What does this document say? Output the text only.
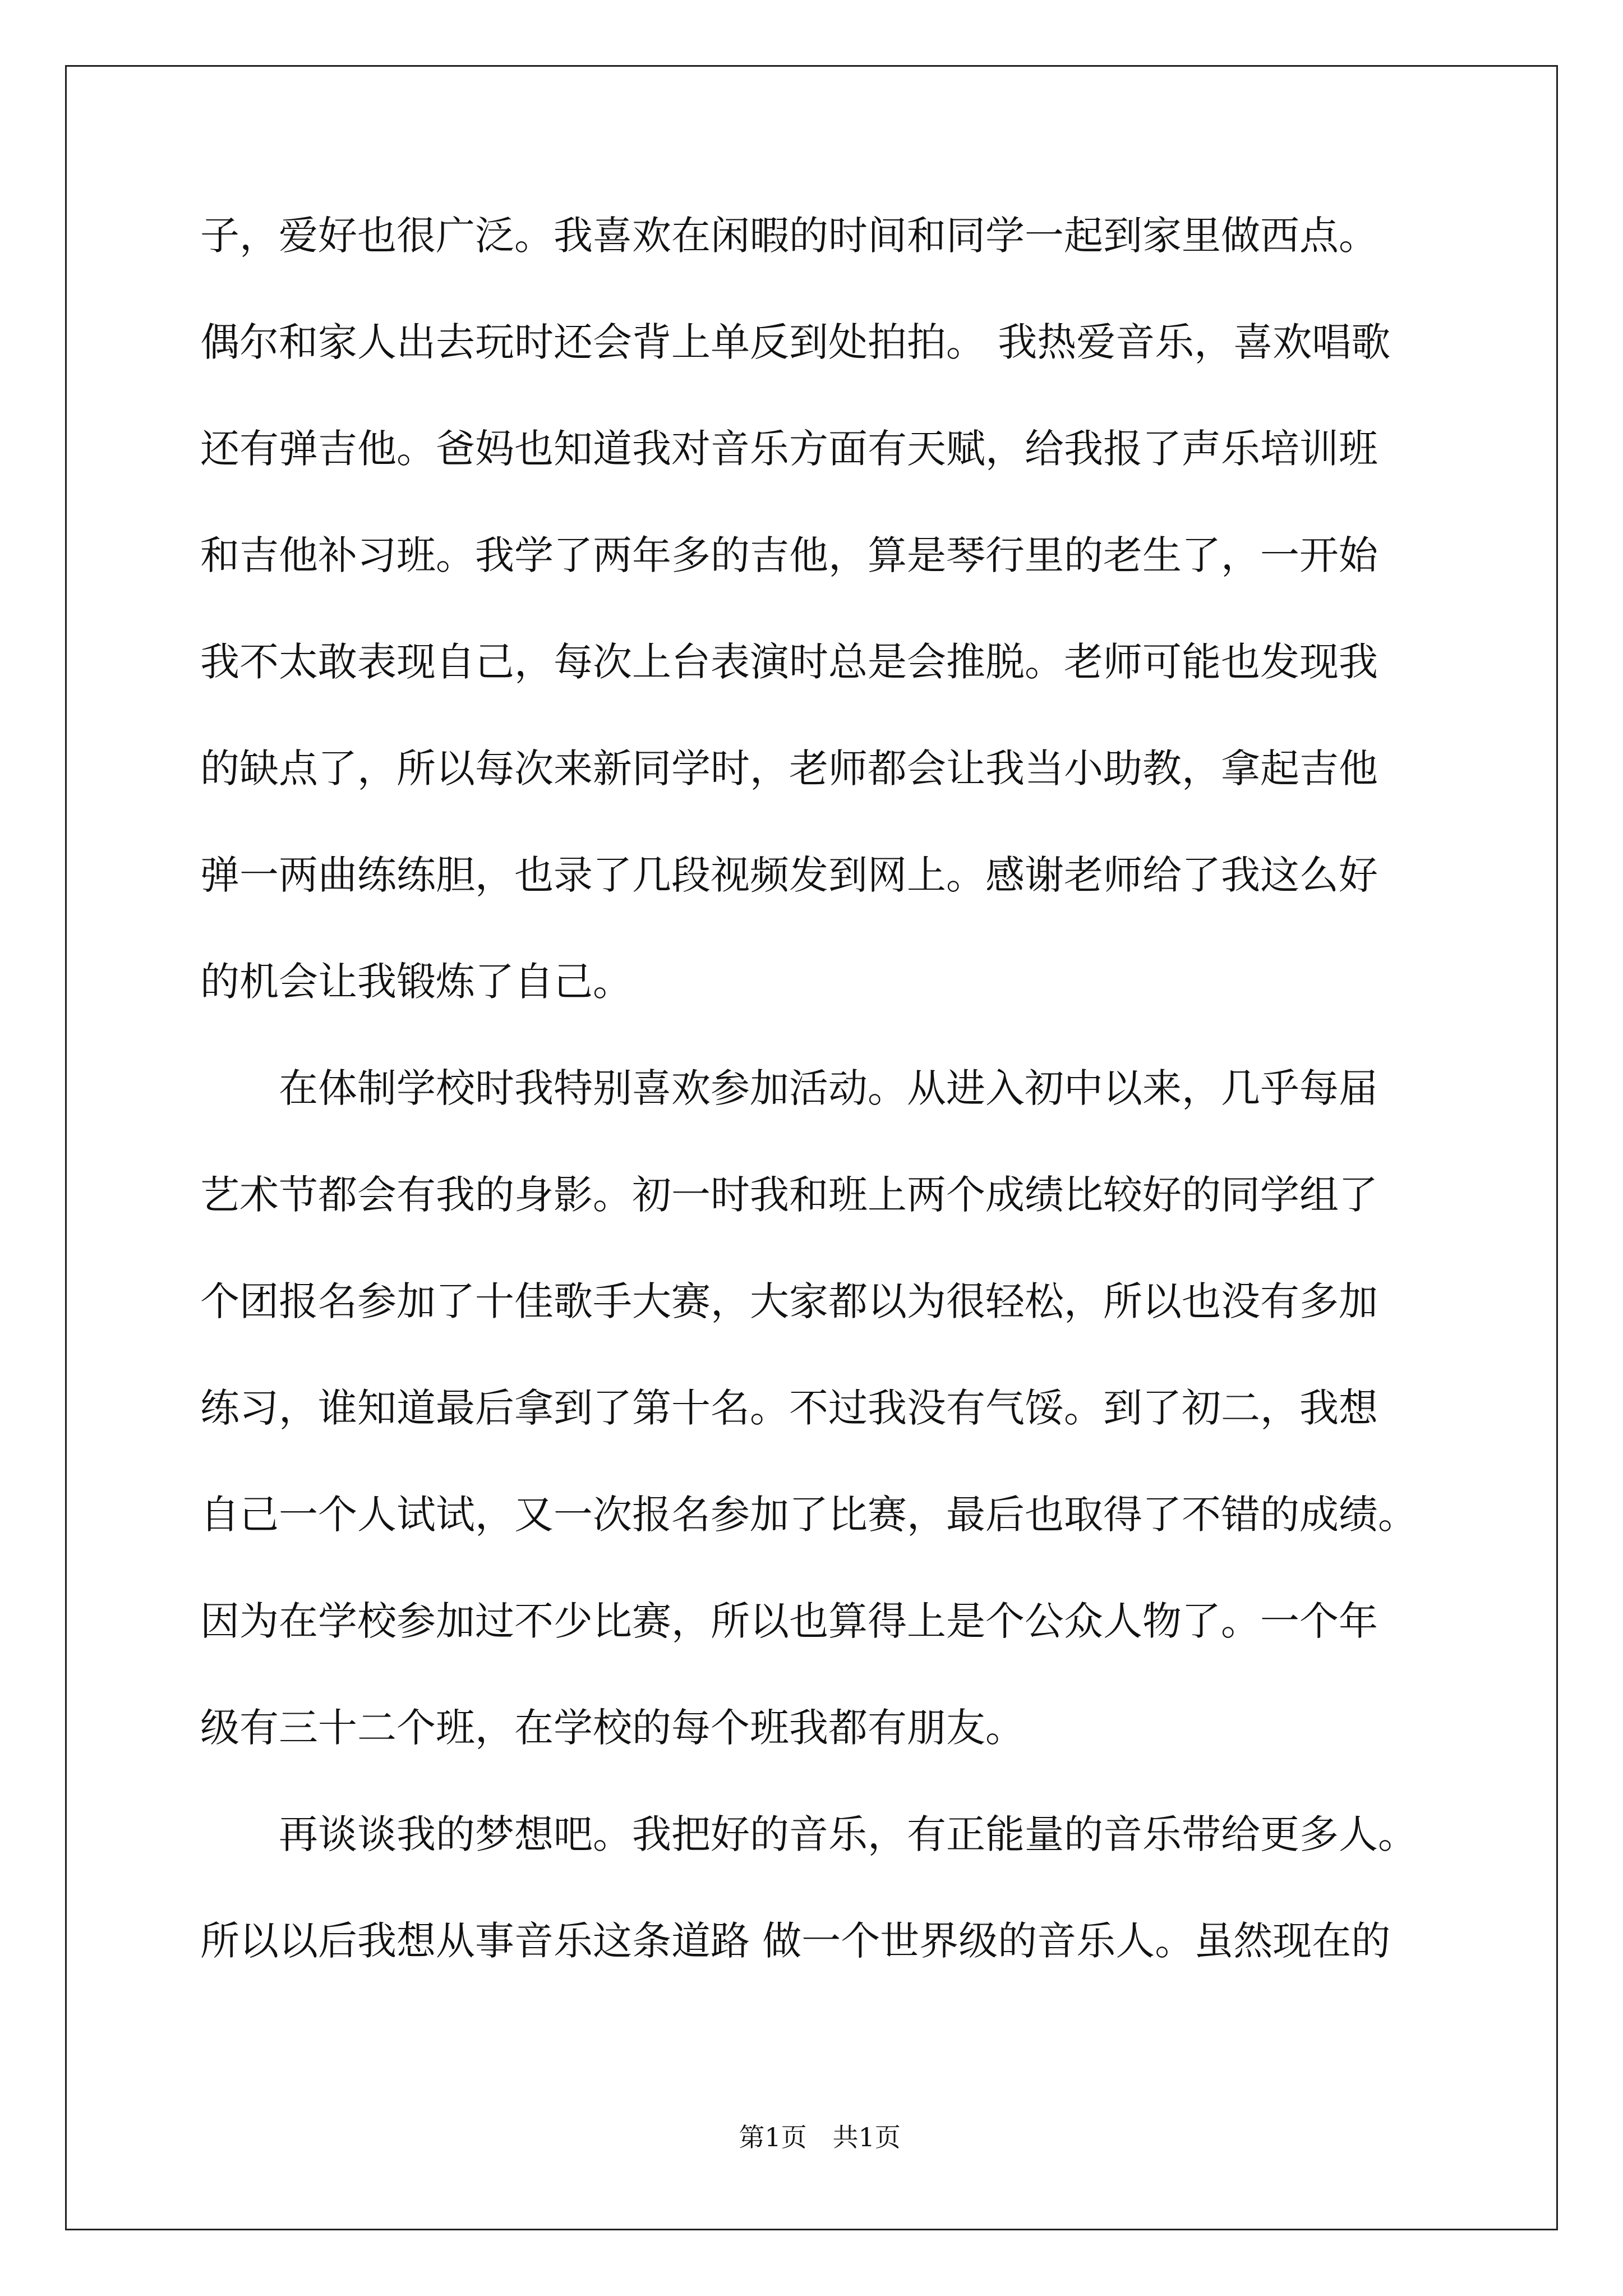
子，爱好也很广泛。我喜欢在闲暇的时间和同学一起到家里做西点。
偶尔和家人出去玩时还会背上单反到处拍拍。 我热爱音乐，喜欢唱歌
还有弹吉他。爸妈也知道我对音乐方面有天赋，给我报了声乐培训班
和吉他补习班。我学了两年多的吉他，算是琴行里的老生了，一开始
我不太敢表现自己，每次上台表演时总是会推脱。老师可能也发现我
的缺点了，所以每次来新同学时，老师都会让我当小助教，拿起吉他
弹一两曲练练胆，也录了几段视频发到网上。感谢老师给了我这么好
的机会让我锻炼了自己。
在体制学校时我特别喜欢参加活动。从进入初中以来，几乎每届
艺术节都会有我的身影。初一时我和班上两个成绩比较好的同学组了
个团报名参加了十佳歌手大赛，大家都以为很轻松，所以也没有多加
练习，谁知道最后拿到了第十名。不过我没有气馁。到了初二，我想
自己一个人试试，又一次报名参加了比赛，最后也取得了不错的成绩。
因为在学校参加过不少比赛，所以也算得上是个公众人物了。一个年
级有三十二个班，在学校的每个班我都有朋友。
再谈谈我的梦想吧。我把好的音乐，有正能量的音乐带给更多人。
所以以后我想从事音乐这条道路 做一个世界级的音乐人。虽然现在的

第1页　共1页
